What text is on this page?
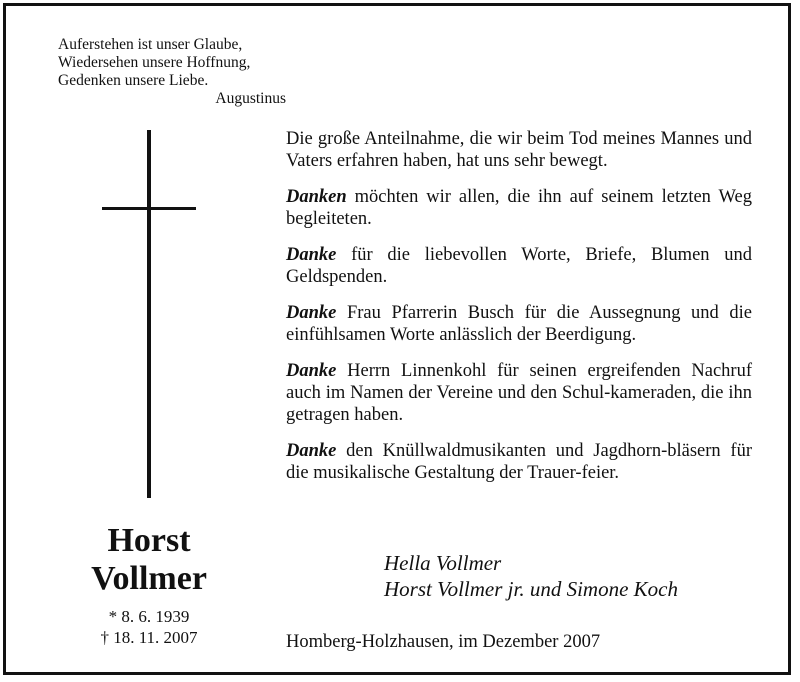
Auferstehen ist unser Glaube,
Wiedersehen unsere Hoffnung,
Gedenken unsere Liebe.
Augustinus
Horst
Vollmer
* 8. 6. 1939
† 18. 11. 2007

Die große Anteilnahme, die wir beim Tod meines Mannes und Vaters erfahren haben, hat uns sehr bewegt.

Danken möchten wir allen, die ihn auf seinem letzten Weg begleiteten.

Danke für die liebevollen Worte, Briefe, Blumen und Geldspenden.

Danke Frau Pfarrerin Busch für die Aussegnung und die einfühlsamen Worte anlässlich der Beerdigung.

Danke Herrn Linnenkohl für seinen ergreifenden Nachruf auch im Namen der Vereine und den Schul-kameraden, die ihn getragen haben.

Danke den Knüllwaldmusikanten und Jagdhorn-bläsern für die musikalische Gestaltung der Trauer-feier.

Hella Vollmer
Horst Vollmer jr. und Simone Koch
Homberg-Holzhausen, im Dezember 2007
